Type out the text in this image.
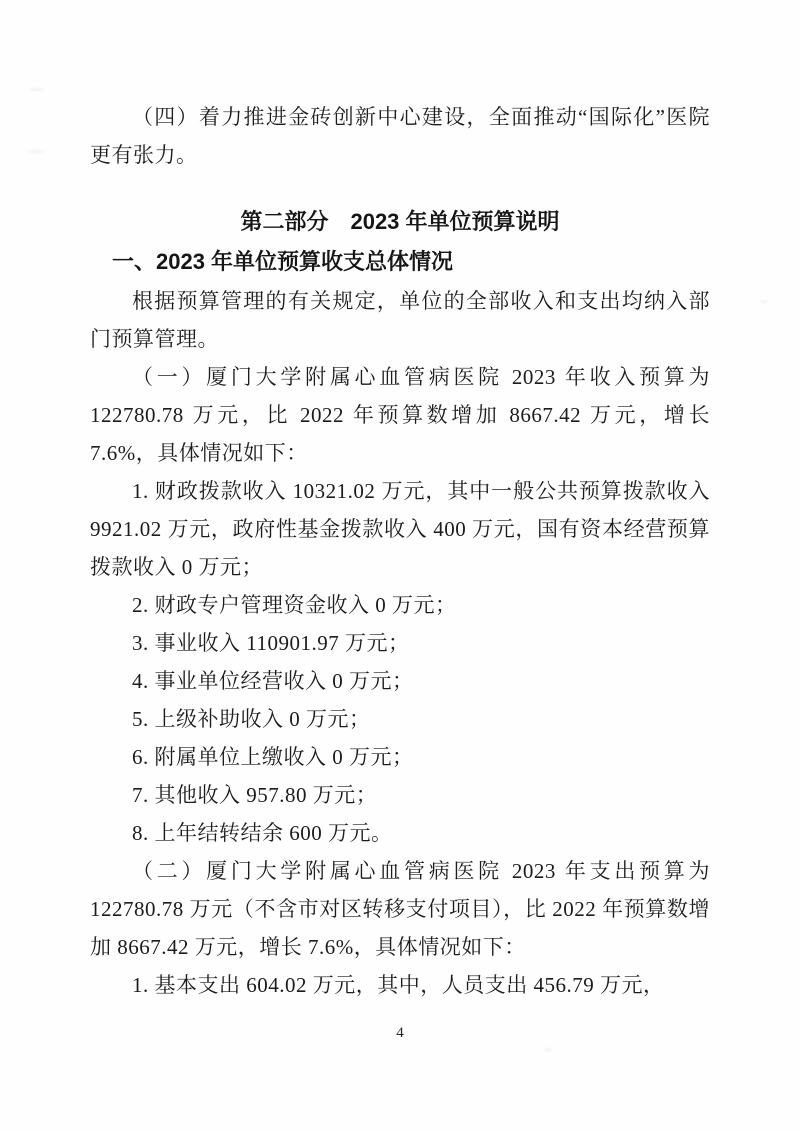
（四）着力推进金砖创新中心建设，全面推动“国际化”医院更有张力。

第二部分　2023 年单位预算说明
一、2023 年单位预算收支总体情况

根据预算管理的有关规定，单位的全部收入和支出均纳入部门预算管理。

（一）厦门大学附属心血管病医院 2023 年收入预算为 122780.78 万元，比 2022 年预算数增加 8667.42 万元，增长 7.6%，具体情况如下：

1. 财政拨款收入 10321.02 万元，其中一般公共预算拨款收入 9921.02 万元，政府性基金拨款收入 400 万元，国有资本经营预算拨款收入 0 万元；

2. 财政专户管理资金收入 0 万元；

3. 事业收入 110901.97 万元；

4. 事业单位经营收入 0 万元；

5. 上级补助收入 0 万元；

6. 附属单位上缴收入 0 万元；

7. 其他收入 957.80 万元；

8. 上年结转结余 600 万元。

（二）厦门大学附属心血管病医院 2023 年支出预算为 122780.78 万元（不含市对区转移支付项目），比 2022 年预算数增加 8667.42 万元，增长 7.6%，具体情况如下：

1. 基本支出 604.02 万元，其中，人员支出 456.79 万元，

4
